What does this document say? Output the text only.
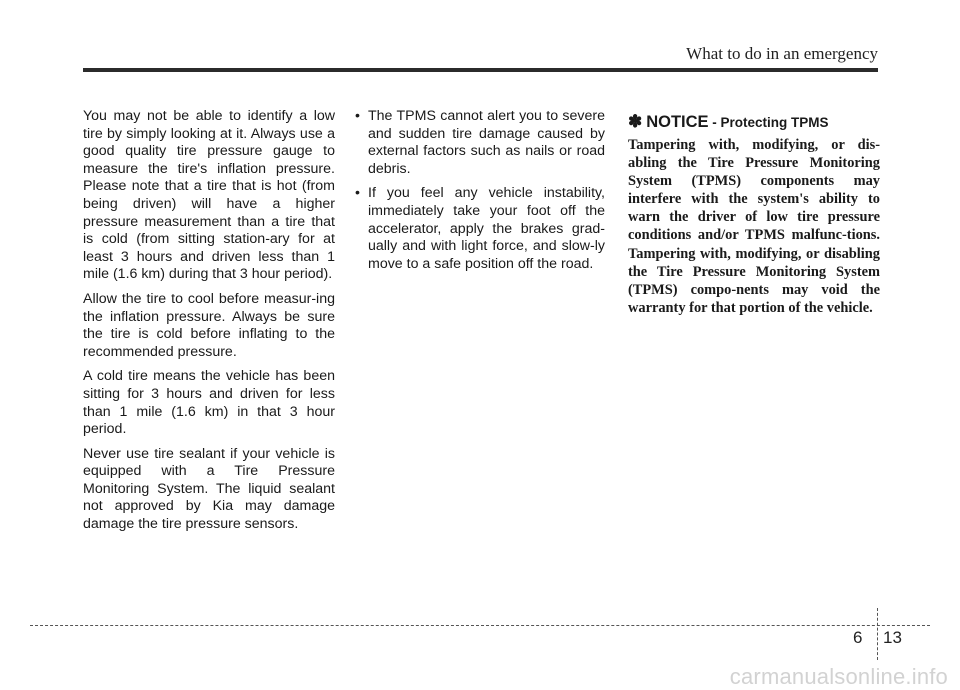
What to do in an emergency

You may not be able to identify a low tire by simply looking at it. Always use a good quality tire pressure gauge to measure the tire's inflation pressure. Please note that a tire that is hot (from being driven) will have a higher pressure measurement than a tire that is cold (from sitting station-ary for at least 3 hours and driven less than 1 mile (1.6 km) during that 3 hour period).

Allow the tire to cool before measur-ing the inflation pressure. Always be sure the tire is cold before inflating to the recommended pressure.

A cold tire means the vehicle has been sitting for 3 hours and driven for less than 1 mile (1.6 km) in that 3 hour period.

Never use tire sealant if your vehicle is equipped with a Tire Pressure Monitoring System. The liquid sealant not approved by Kia may damage damage the tire pressure sensors.

• The TPMS cannot alert you to severe and sudden tire damage caused by external factors such as nails or road debris.
• If you feel any vehicle instability, immediately take your foot off the accelerator, apply the brakes grad-ually and with light force, and slow-ly move to a safe position off the road.
✽ NOTICE - Protecting TPMS

Tampering with, modifying, or dis-abling the Tire Pressure Monitoring System (TPMS) components may interfere with the system's ability to warn the driver of low tire pressure conditions and/or TPMS malfunc-tions. Tampering with, modifying, or disabling the Tire Pressure Monitoring System (TPMS) compo-nents may void the warranty for that portion of the vehicle.

6 13
carmanualsonline.info
